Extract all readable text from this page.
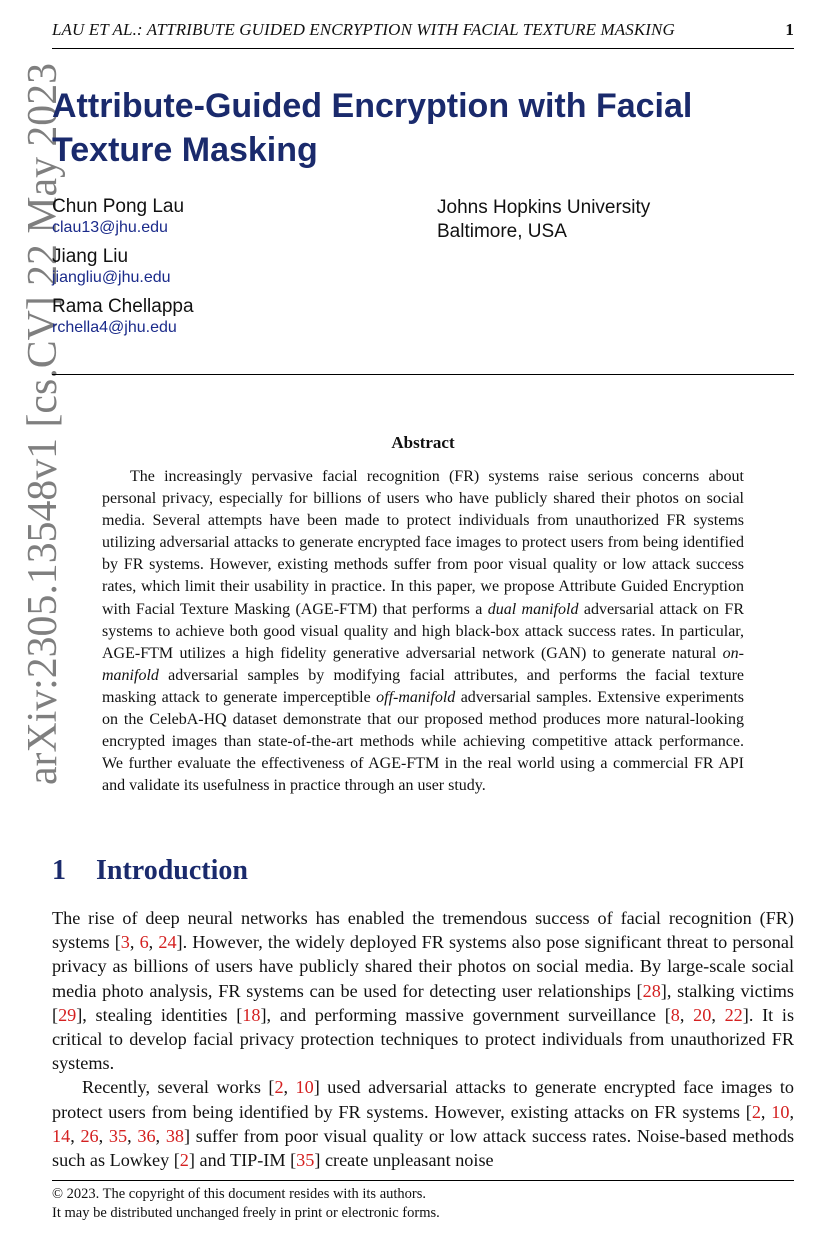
LAU ET AL.: ATTRIBUTE GUIDED ENCRYPTION WITH FACIAL TEXTURE MASKING	1
arXiv:2305.13548v1 [cs.CV] 22 May 2023
Attribute-Guided Encryption with Facial Texture Masking
Chun Pong Lau
clau13@jhu.edu
Jiang Liu
jiangliu@jhu.edu
Rama Chellappa
rchella4@jhu.edu
Johns Hopkins University
Baltimore, USA
Abstract

The increasingly pervasive facial recognition (FR) systems raise serious concerns about personal privacy, especially for billions of users who have publicly shared their photos on social media. Several attempts have been made to protect individuals from unauthorized FR systems utilizing adversarial attacks to generate encrypted face images to protect users from being identified by FR systems. However, existing methods suffer from poor visual quality or low attack success rates, which limit their usability in practice. In this paper, we propose Attribute Guided Encryption with Facial Texture Masking (AGE-FTM) that performs a dual manifold adversarial attack on FR systems to achieve both good visual quality and high black-box attack success rates. In particular, AGE-FTM utilizes a high fidelity generative adversarial network (GAN) to generate natural on-manifold adversarial samples by modifying facial attributes, and performs the facial texture masking attack to generate imperceptible off-manifold adversarial samples. Extensive experiments on the CelebA-HQ dataset demonstrate that our proposed method produces more natural-looking encrypted images than state-of-the-art methods while achieving competitive attack performance. We further evaluate the effectiveness of AGE-FTM in the real world using a commercial FR API and validate its usefulness in practice through an user study.

1 Introduction

The rise of deep neural networks has enabled the tremendous success of facial recognition (FR) systems [3, 6, 24]. However, the widely deployed FR systems also pose significant threat to personal privacy as billions of users have publicly shared their photos on social media. By large-scale social media photo analysis, FR systems can be used for detecting user relationships [28], stalking victims [29], stealing identities [18], and performing massive government surveillance [8, 20, 22]. It is critical to develop facial privacy protection techniques to protect individuals from unauthorized FR systems.

Recently, several works [2, 10] used adversarial attacks to generate encrypted face images to protect users from being identified by FR systems. However, existing attacks on FR systems [2, 10, 14, 26, 35, 36, 38] suffer from poor visual quality or low attack success rates. Noise-based methods such as Lowkey [2] and TIP-IM [35] create unpleasant noise

© 2023. The copyright of this document resides with its authors.
It may be distributed unchanged freely in print or electronic forms.
